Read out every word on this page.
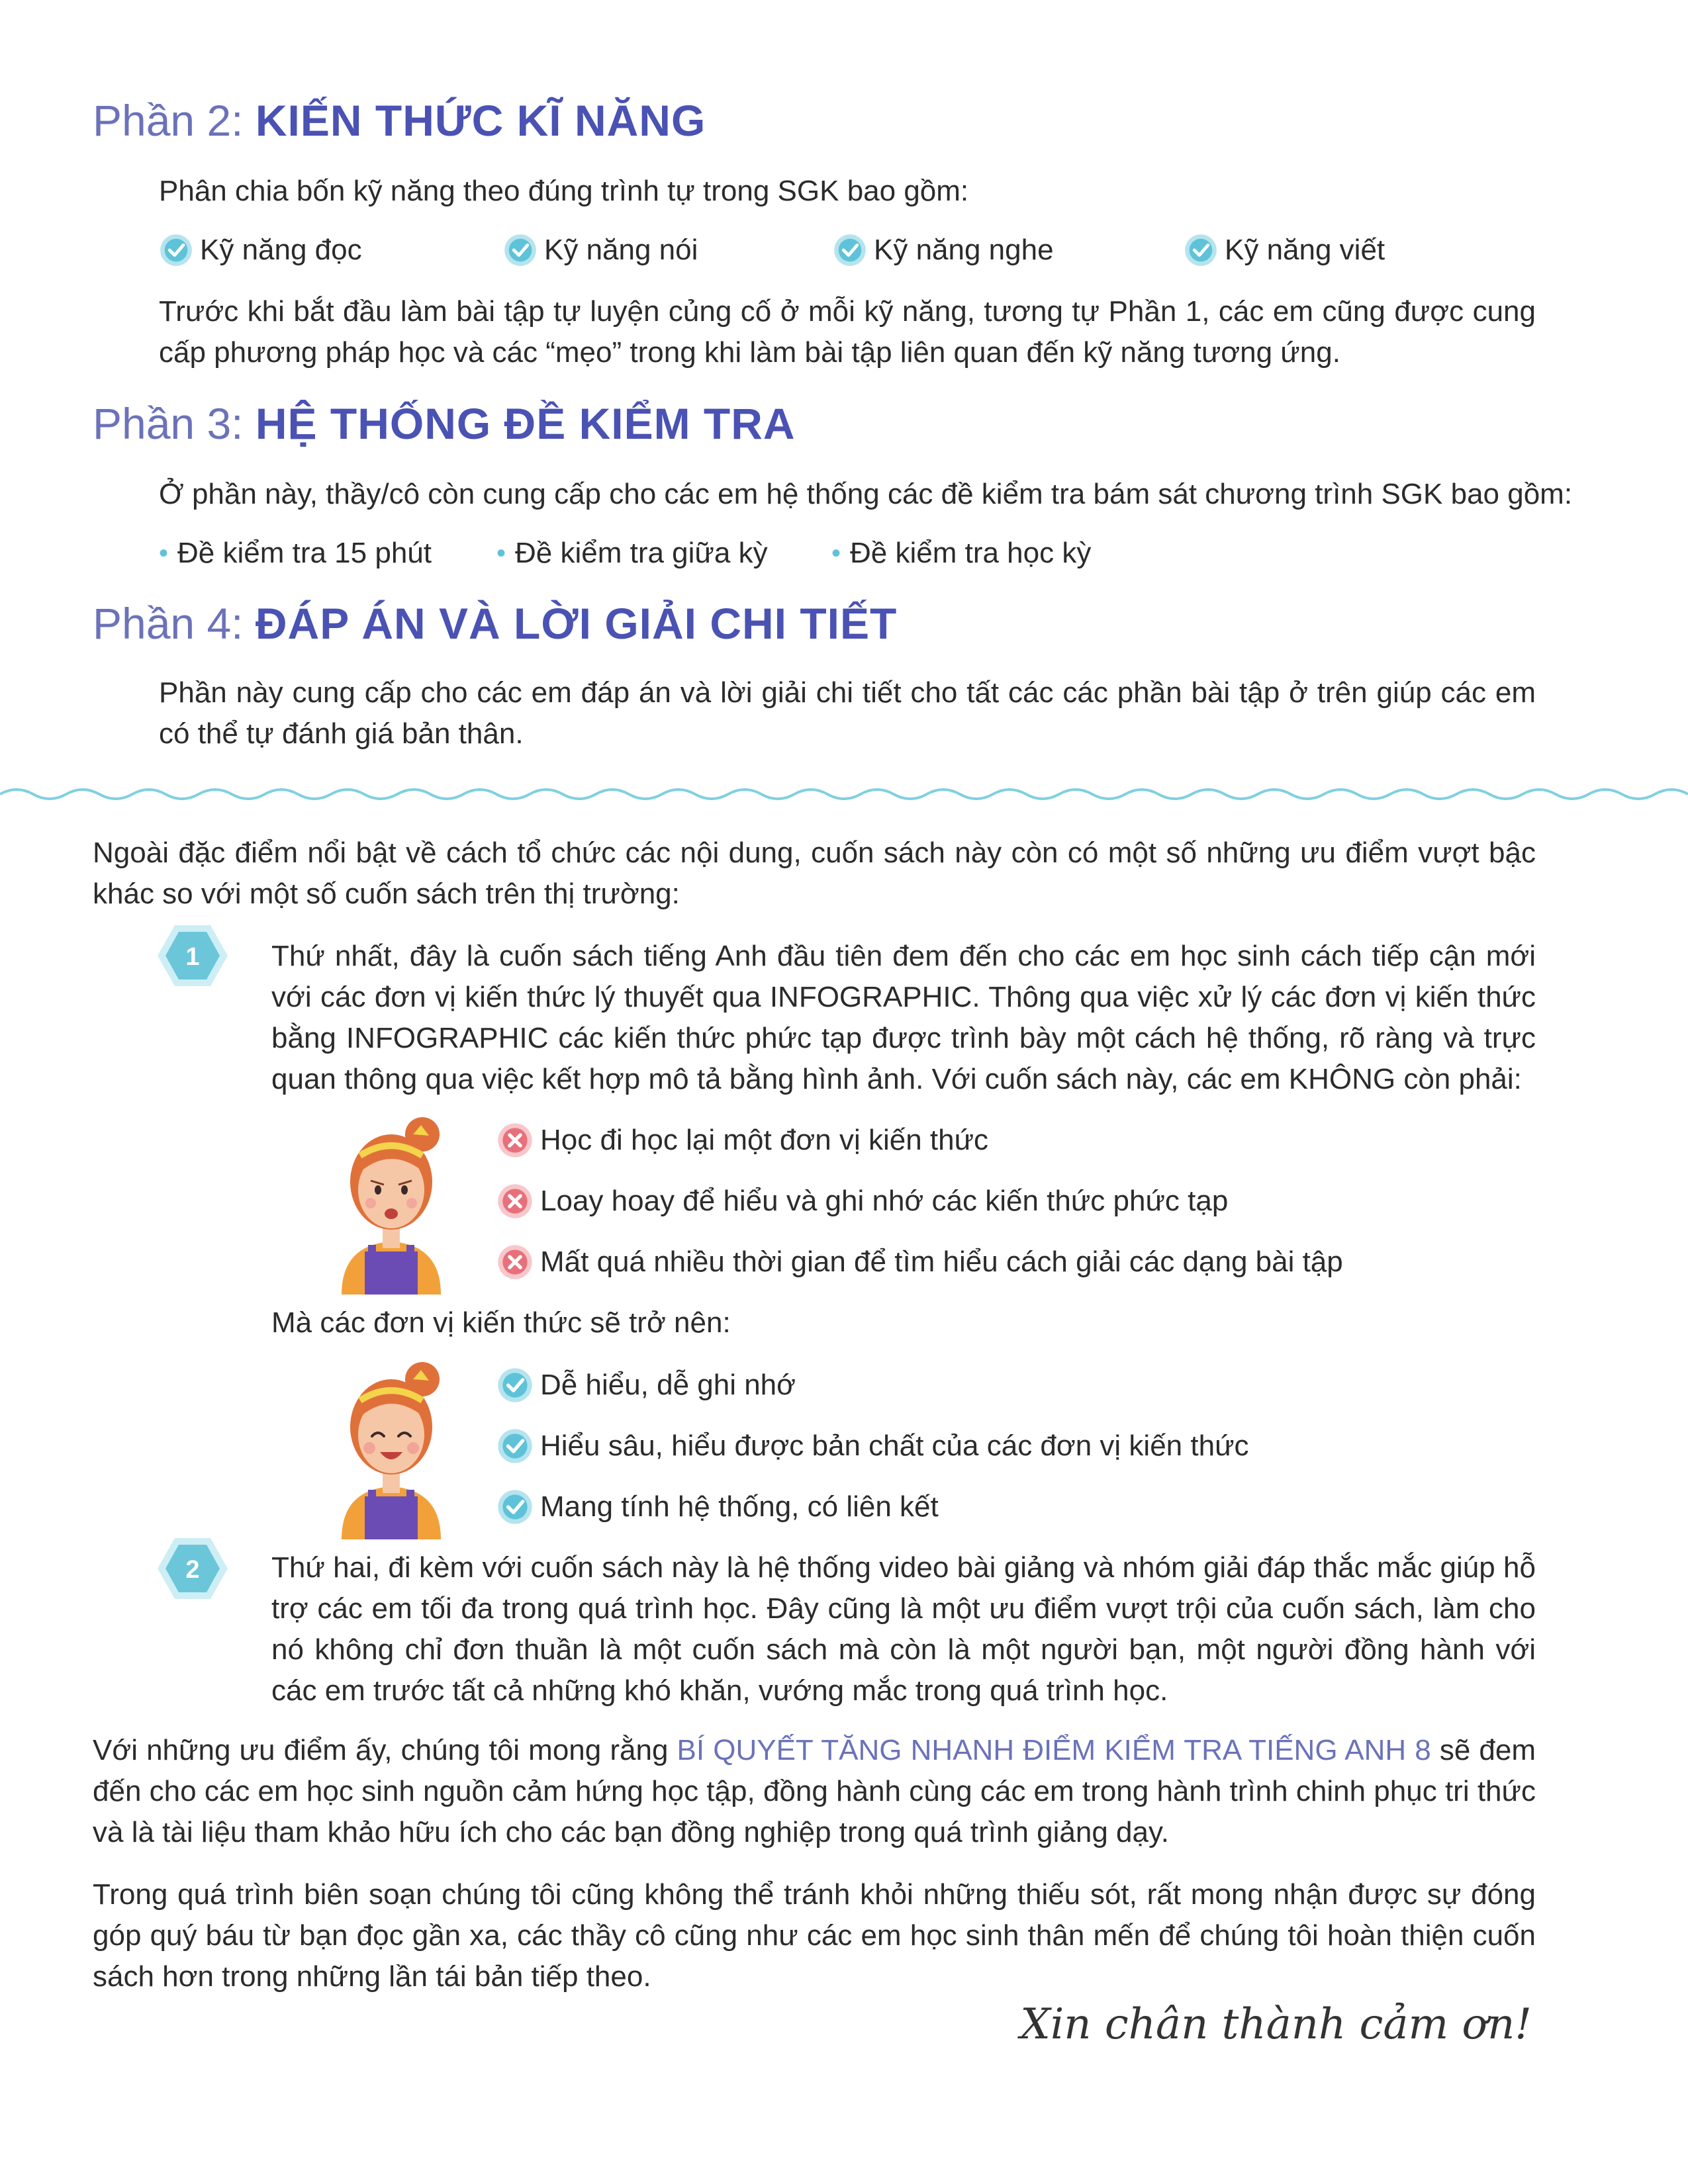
Phần 2: KIẾN THỨC KĨ NĂNG

Phân chia bốn kỹ năng theo đúng trình tự trong SGK bao gồm:

Kỹ năng đọc	Kỹ năng nói	Kỹ năng nghe	Kỹ năng viết

Trước khi bắt đầu làm bài tập tự luyện củng cố ở mỗi kỹ năng, tương tự Phần 1, các em cũng được cung cấp phương pháp học và các “mẹo” trong khi làm bài tập liên quan đến kỹ năng tương ứng.

Phần 3: HỆ THỐNG ĐỀ KIỂM TRA

Ở phần này, thầy/cô còn cung cấp cho các em hệ thống các đề kiểm tra bám sát chương trình SGK bao gồm:

• Đề kiểm tra 15 phút • Đề kiểm tra giữa kỳ • Đề kiểm tra học kỳ
Phần 4: ĐÁP ÁN VÀ LỜI GIẢI CHI TIẾT

Phần này cung cấp cho các em đáp án và lời giải chi tiết cho tất các các phần bài tập ở trên giúp các em có thể tự đánh giá bản thân.

Ngoài đặc điểm nổi bật về cách tổ chức các nội dung, cuốn sách này còn có một số những ưu điểm vượt bậc khác so với một số cuốn sách trên thị trường:

1 Thứ nhất, đây là cuốn sách tiếng Anh đầu tiên đem đến cho các em học sinh cách tiếp cận mới với các đơn vị kiến thức lý thuyết qua INFOGRAPHIC. Thông qua việc xử lý các đơn vị kiến thức bằng INFOGRAPHIC các kiến thức phức tạp được trình bày một cách hệ thống, rõ ràng và trực quan thông qua việc kết hợp mô tả bằng hình ảnh. Với cuốn sách này, các em KHÔNG còn phải:

Học đi học lại một đơn vị kiến thức
Loay hoay để hiểu và ghi nhớ các kiến thức phức tạp
Mất quá nhiều thời gian để tìm hiểu cách giải các dạng bài tập

Mà các đơn vị kiến thức sẽ trở nên:

Dễ hiểu, dễ ghi nhớ
Hiểu sâu, hiểu được bản chất của các đơn vị kiến thức
Mang tính hệ thống, có liên kết
2 Thứ hai, đi kèm với cuốn sách này là hệ thống video bài giảng và nhóm giải đáp thắc mắc giúp hỗ trợ các em tối đa trong quá trình học. Đây cũng là một ưu điểm vượt trội của cuốn sách, làm cho nó không chỉ đơn thuần là một cuốn sách mà còn là một người bạn, một người đồng hành với các em trước tất cả những khó khăn, vướng mắc trong quá trình học.

Với những ưu điểm ấy, chúng tôi mong rằng BÍ QUYẾT TĂNG NHANH ĐIỂM KIỂM TRA TIẾNG ANH 8 sẽ đem đến cho các em học sinh nguồn cảm hứng học tập, đồng hành cùng các em trong hành trình chinh phục tri thức và là tài liệu tham khảo hữu ích cho các bạn đồng nghiệp trong quá trình giảng dạy.

Trong quá trình biên soạn chúng tôi cũng không thể tránh khỏi những thiếu sót, rất mong nhận được sự đóng góp quý báu từ bạn đọc gần xa, các thầy cô cũng như các em học sinh thân mến để chúng tôi hoàn thiện cuốn sách hơn trong những lần tái bản tiếp theo.

Xin chân thành cảm ơn!
